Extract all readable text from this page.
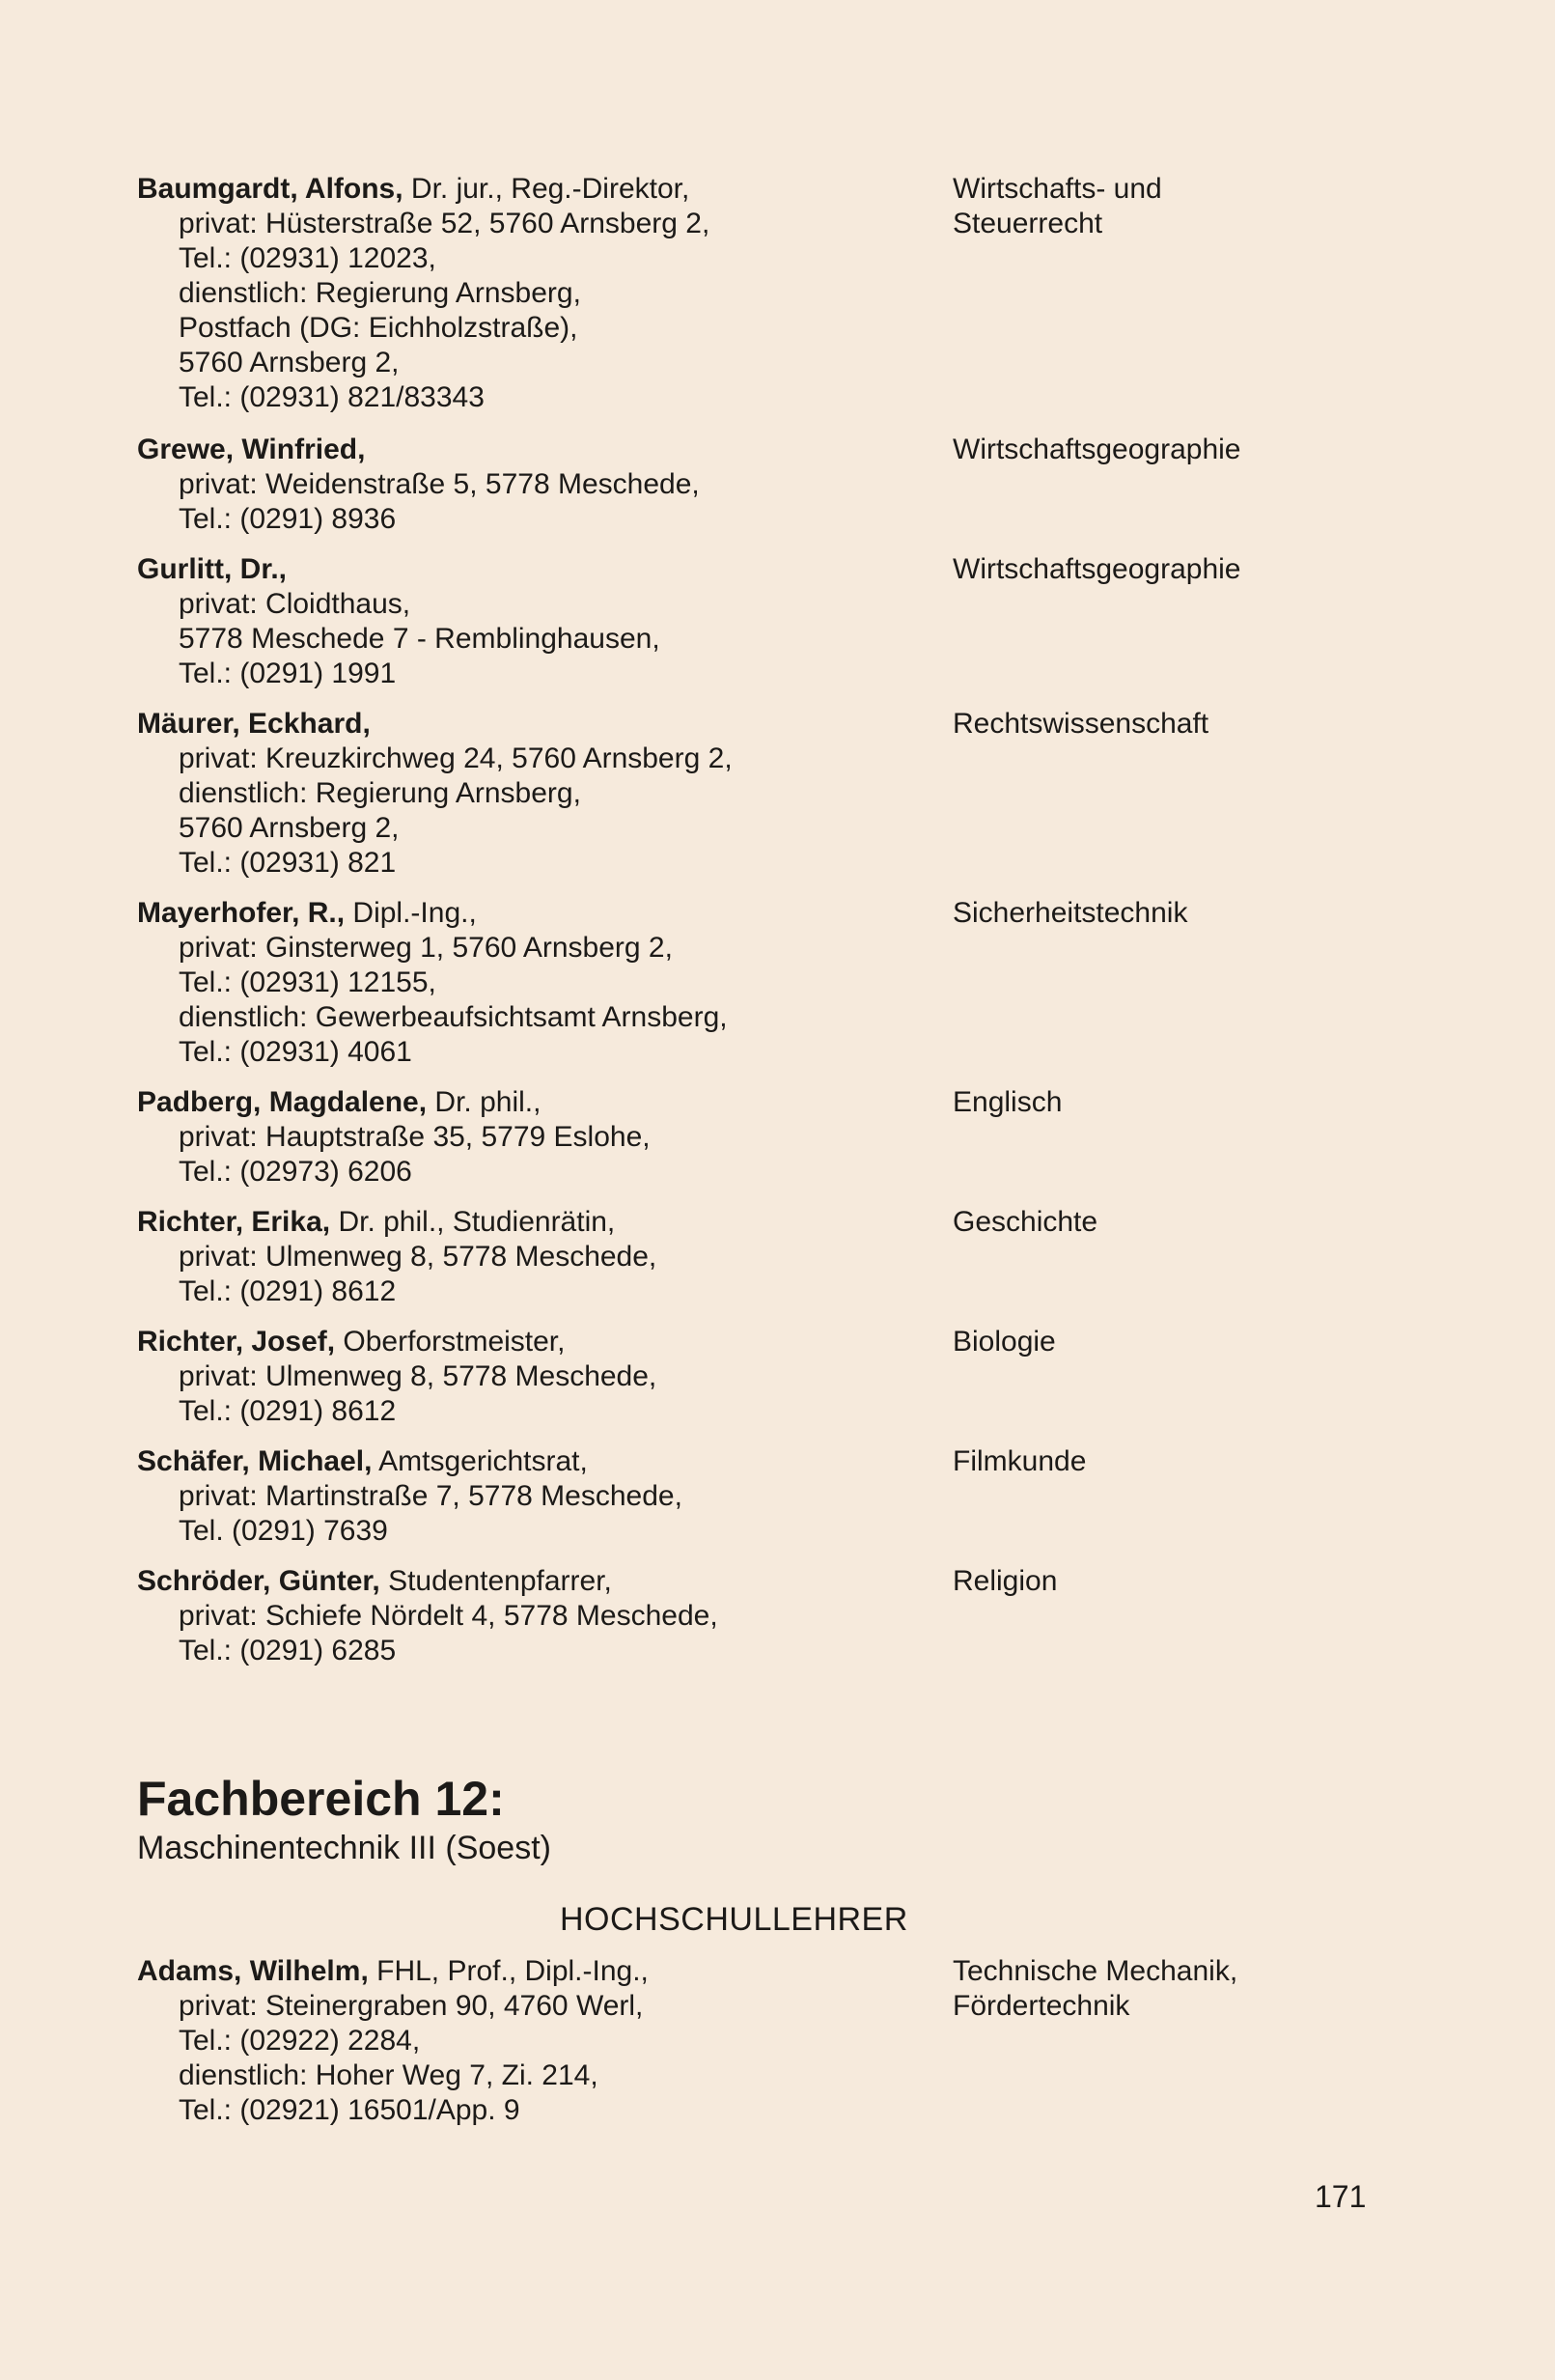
Baumgardt, Alfons, Dr. jur., Reg.-Direktor,
privat: Hüsterstraße 52, 5760 Arnsberg 2,
Tel.: (02931) 12023,
dienstlich: Regierung Arnsberg,
Postfach (DG: Eichholzstraße),
5760 Arnsberg 2,
Tel.: (02931) 821/83343
Wirtschafts- und
Steuerrecht
Grewe, Winfried,
privat: Weidenstraße 5, 5778 Meschede,
Tel.: (0291) 8936
Wirtschaftsgeographie
Gurlitt, Dr.,
privat: Cloidthaus,
5778 Meschede 7 - Remblinghausen,
Tel.: (0291) 1991
Wirtschaftsgeographie
Mäurer, Eckhard,
privat: Kreuzkirchweg 24, 5760 Arnsberg 2,
dienstlich: Regierung Arnsberg,
5760 Arnsberg 2,
Tel.: (02931) 821
Rechtswissenschaft
Mayerhofer, R., Dipl.-Ing.,
privat: Ginsterweg 1, 5760 Arnsberg 2,
Tel.: (02931) 12155,
dienstlich: Gewerbeaufsichtsamt Arnsberg,
Tel.: (02931) 4061
Sicherheitstechnik
Padberg, Magdalene, Dr. phil.,
privat: Hauptstraße 35, 5779 Eslohe,
Tel.: (02973) 6206
Englisch
Richter, Erika, Dr. phil., Studienrätin,
privat: Ulmenweg 8, 5778 Meschede,
Tel.: (0291) 8612
Geschichte
Richter, Josef, Oberforstmeister,
privat: Ulmenweg 8, 5778 Meschede,
Tel.: (0291) 8612
Biologie
Schäfer, Michael, Amtsgerichtsrat,
privat: Martinstraße 7, 5778 Meschede,
Tel. (0291) 7639
Filmkunde
Schröder, Günter, Studentenpfarrer,
privat: Schiefe Nördelt 4, 5778 Meschede,
Tel.: (0291) 6285
Religion
Fachbereich 12:
Maschinentechnik III (Soest)
HOCHSCHULLEHRER
Adams, Wilhelm, FHL, Prof., Dipl.-Ing.,
privat: Steinergraben 90, 4760 Werl,
Tel.: (02922) 2284,
dienstlich: Hoher Weg 7, Zi. 214,
Tel.: (02921) 16501/App. 9
Technische Mechanik,
Fördertechnik
171
